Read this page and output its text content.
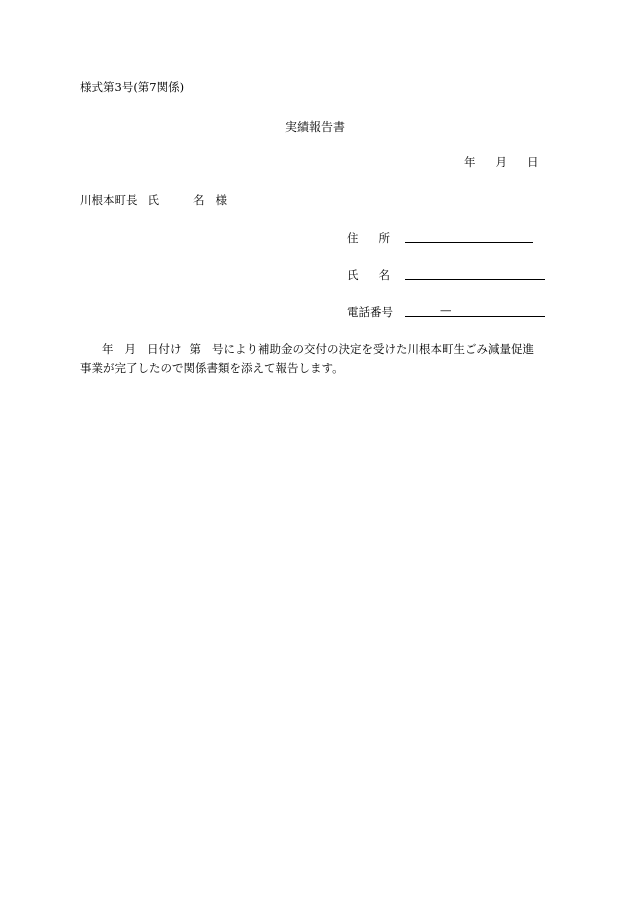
様式第3号(第7関係)
実績報告書
年 月 日
川根本町長 氏	名 様
住 所
氏 名
電話番号	—
年 月 日付け 第 号により補助金の交付の決定を受けた川根本町生ごみ減量促進
事業が完了したので関係書類を添えて報告します。
